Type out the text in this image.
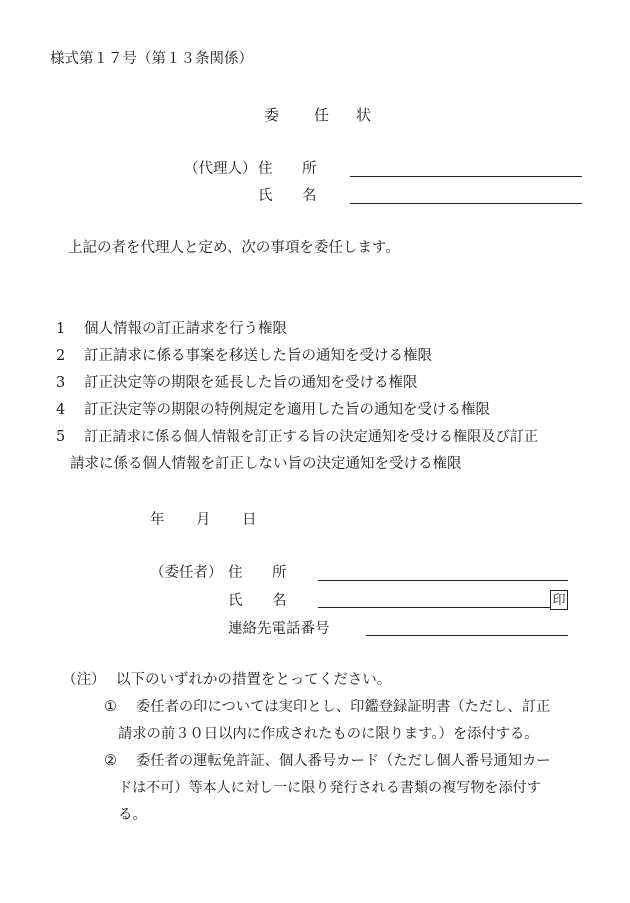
様式第１７号（第１３条関係）
委 任 状
（代理人） 住 所
氏 名
上記の者を代理人と定め、次の事項を委任します。
1 個人情報の訂正請求を行う権限
2 訂正請求に係る事案を移送した旨の通知を受ける権限
3 訂正決定等の期限を延長した旨の通知を受ける権限
4 訂正決定等の期限の特例規定を適用した旨の通知を受ける権限
5 訂正請求に係る個人情報を訂正する旨の決定通知を受ける権限及び訂正
請求に係る個人情報を訂正しない旨の決定通知を受ける権限
年 月 日
（委任者） 住 所
氏 名	印
連絡先電話番号
（注） 以下のいずれかの措置をとってください。
① 委任者の印については実印とし、印鑑登録証明書（ただし、訂正
請求の前３０日以内に作成されたものに限ります。）を添付する。
② 委任者の運転免許証、個人番号カード（ただし個人番号通知カー
ドは不可）等本人に対し一に限り発行される書類の複写物を添付す
る。
